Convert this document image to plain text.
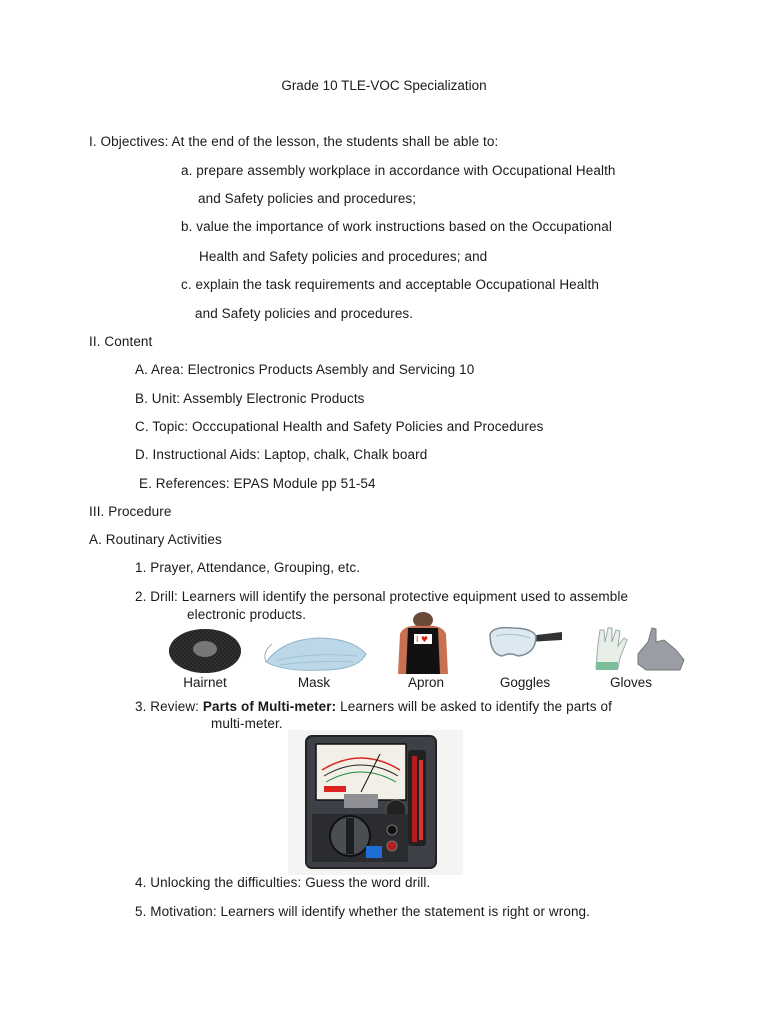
Grade 10 TLE-VOC Specialization
I. Objectives: At the end of the lesson, the students shall be able to:
a. prepare assembly workplace in accordance with Occupational Health
and Safety policies and procedures;
b. value the importance of work instructions based on the Occupational
Health and Safety policies and procedures; and
c. explain the task requirements and acceptable Occupational Health
and Safety policies and procedures.
II. Content
A. Area: Electronics Products Asembly and Servicing 10
B. Unit: Assembly Electronic Products
C. Topic: Occcupational Health and Safety Policies and Procedures
D. Instructional Aids: Laptop, chalk, Chalk board
E. References: EPAS Module pp 51-54
III. Procedure
A. Routinary Activities
1. Prayer, Attendance, Grouping, etc.
2. Drill: Learners will identify the personal protective equipment used to assemble
electronic products.
I ♥
Hairnet	Mask	Apron	Goggles	Gloves
3. Review: Parts of Multi-meter: Learners will be asked to identify the parts of
multi-meter.
4. Unlocking the difficulties: Guess the word drill.
5. Motivation: Learners will identify whether the statement is right or wrong.
